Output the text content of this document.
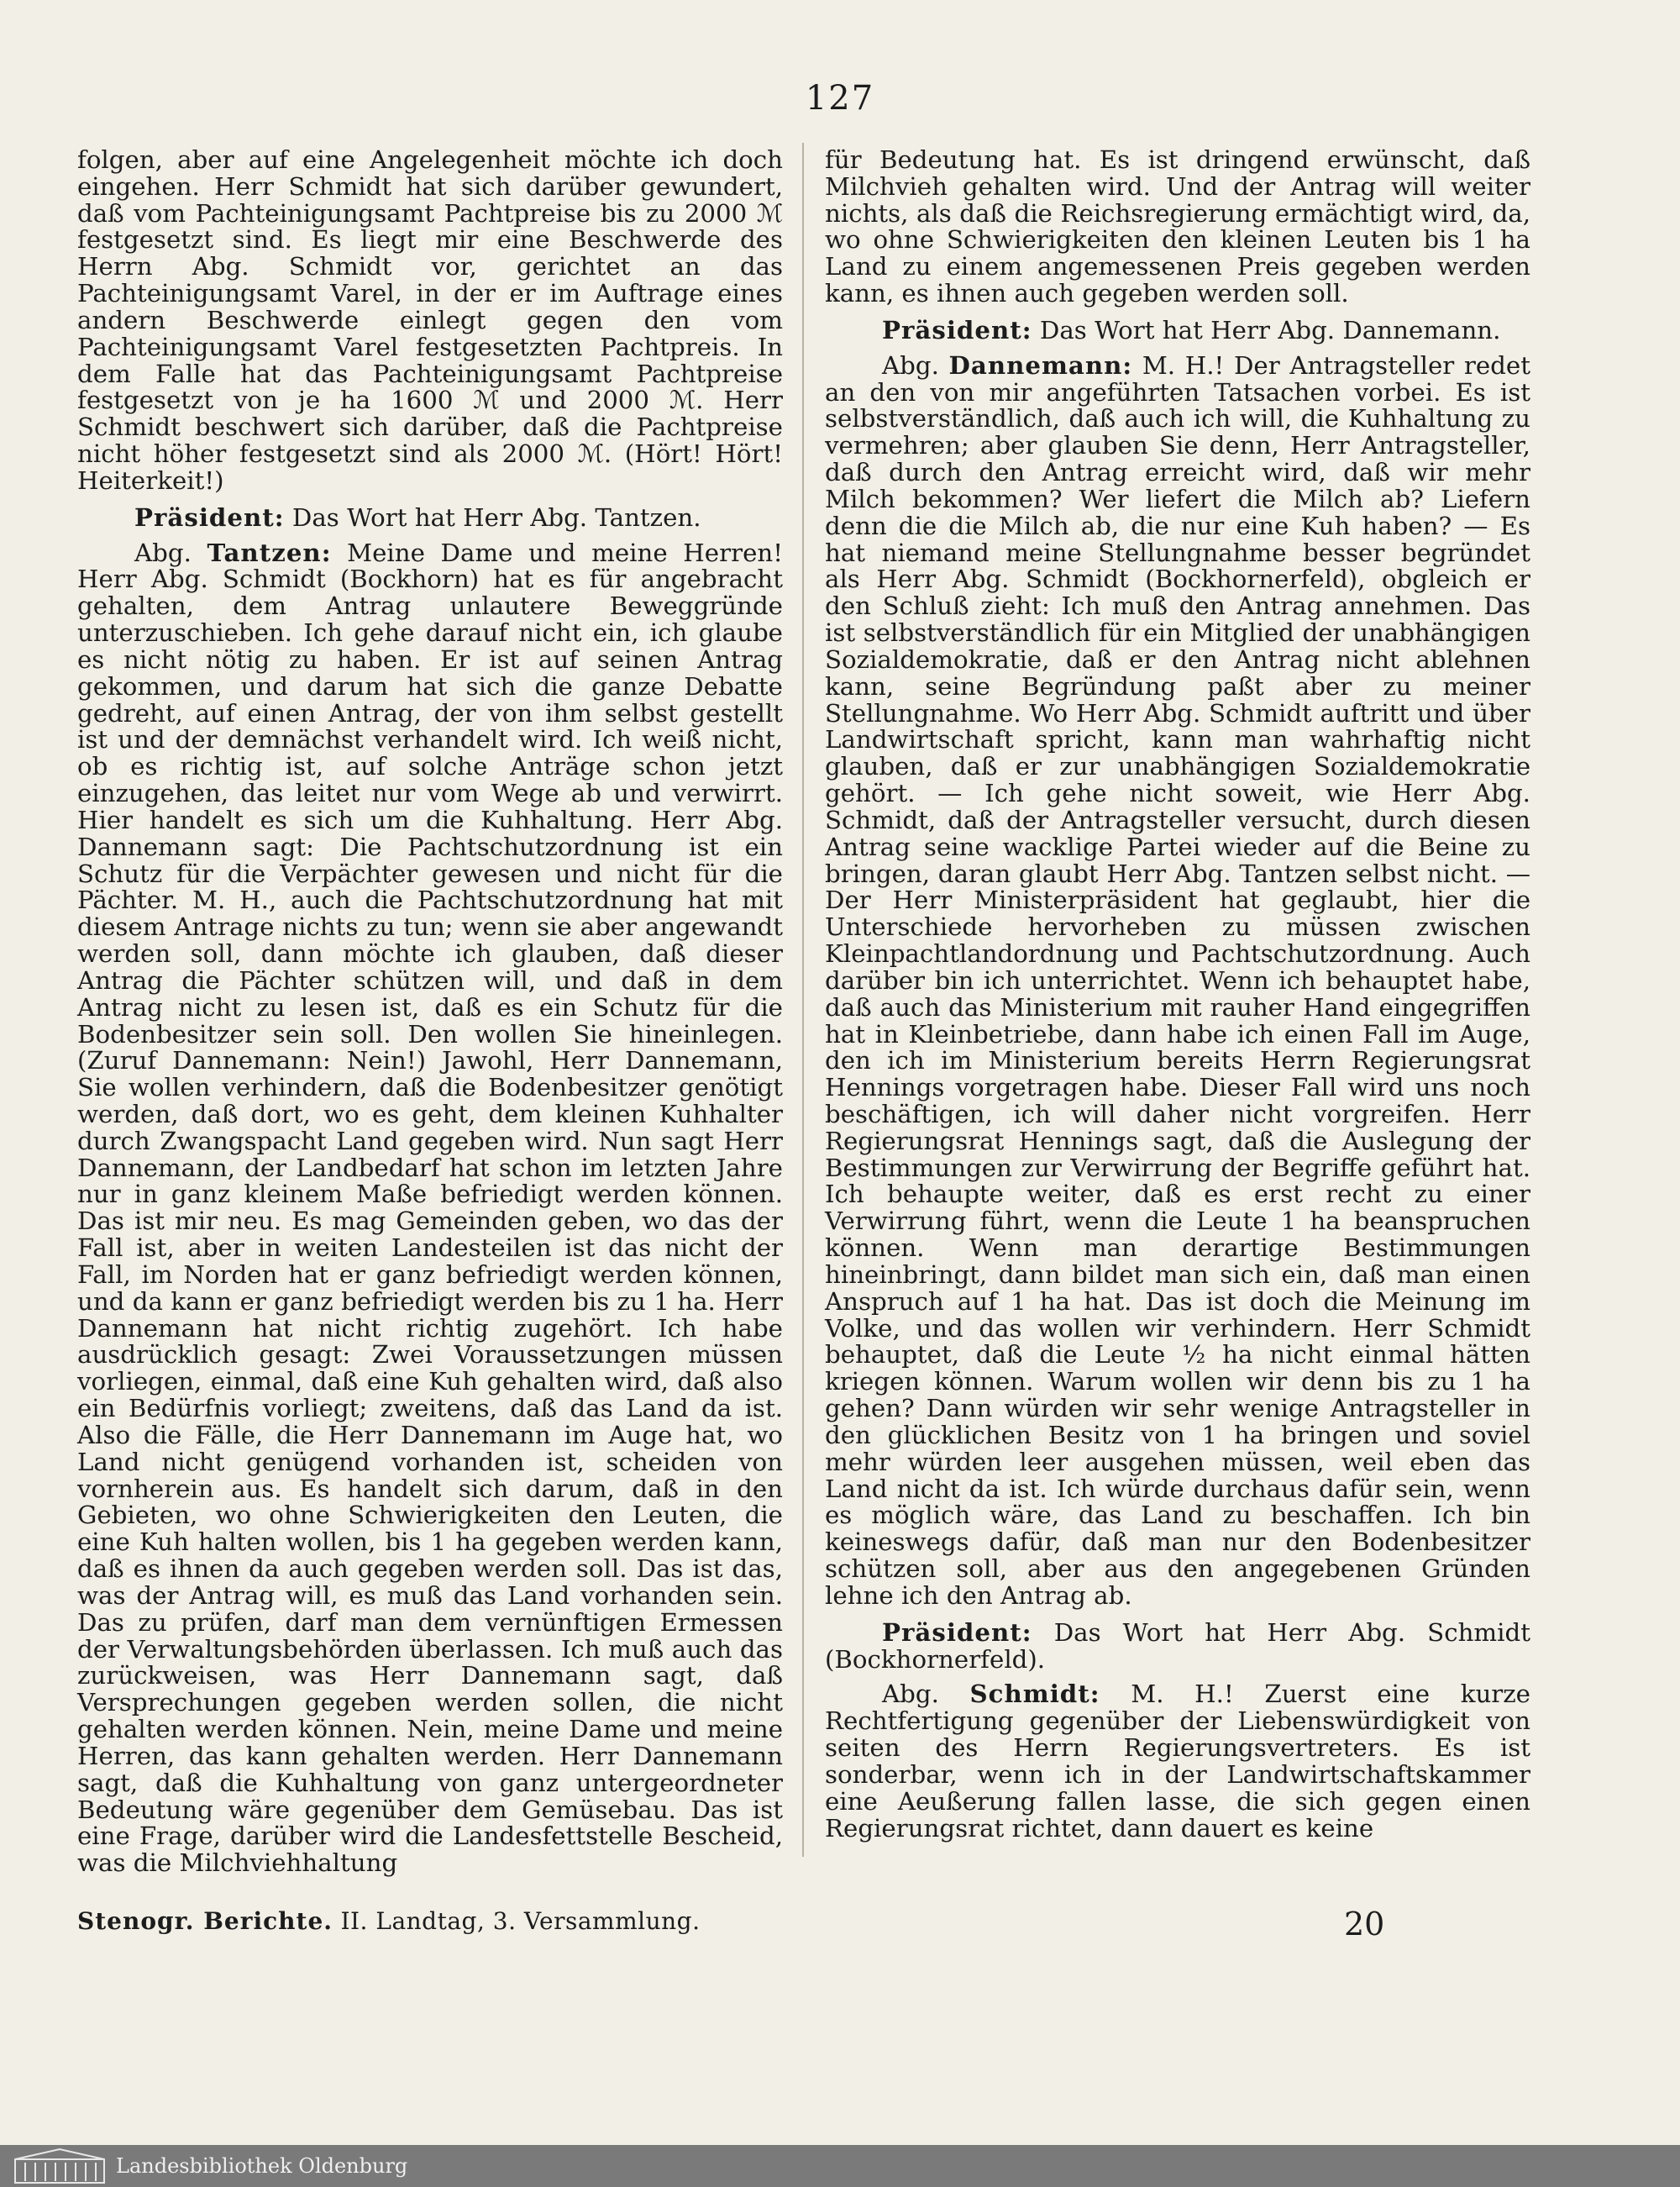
127

folgen, aber auf eine Angelegenheit möchte ich doch eingehen. Herr Schmidt hat sich darüber gewundert, daß vom Pachteinigungsamt Pachtpreise bis zu 2000 ℳ festgesetzt sind. Es liegt mir eine Beschwerde des Herrn Abg. Schmidt vor, gerichtet an das Pachteinigungsamt Varel, in der er im Auftrage eines andern Beschwerde einlegt gegen den vom Pachteinigungsamt Varel festgesetzten Pachtpreis. In dem Falle hat das Pachteinigungsamt Pachtpreise festgesetzt von je ha 1600 ℳ und 2000 ℳ. Herr Schmidt beschwert sich darüber, daß die Pachtpreise nicht höher festgesetzt sind als 2000 ℳ. (Hört! Hört! Heiterkeit!)

Präsident: Das Wort hat Herr Abg. Tantzen.

Abg. Tantzen: Meine Dame und meine Herren! Herr Abg. Schmidt (Bockhorn) hat es für angebracht gehalten, dem Antrag unlautere Beweggründe unterzuschieben. Ich gehe darauf nicht ein, ich glaube es nicht nötig zu haben. Er ist auf seinen Antrag gekommen, und darum hat sich die ganze Debatte gedreht, auf einen Antrag, der von ihm selbst gestellt ist und der demnächst verhandelt wird. Ich weiß nicht, ob es richtig ist, auf solche Anträge schon jetzt einzugehen, das leitet nur vom Wege ab und verwirrt. Hier handelt es sich um die Kuhhaltung. Herr Abg. Dannemann sagt: Die Pachtschutzordnung ist ein Schutz für die Verpächter gewesen und nicht für die Pächter. M. H., auch die Pachtschutzordnung hat mit diesem Antrage nichts zu tun; wenn sie aber angewandt werden soll, dann möchte ich glauben, daß dieser Antrag die Pächter schützen will, und daß in dem Antrag nicht zu lesen ist, daß es ein Schutz für die Bodenbesitzer sein soll. Den wollen Sie hineinlegen. (Zuruf Dannemann: Nein!) Jawohl, Herr Dannemann, Sie wollen verhindern, daß die Bodenbesitzer genötigt werden, daß dort, wo es geht, dem kleinen Kuhhalter durch Zwangspacht Land gegeben wird. Nun sagt Herr Dannemann, der Landbedarf hat schon im letzten Jahre nur in ganz kleinem Maße befriedigt werden können. Das ist mir neu. Es mag Gemeinden geben, wo das der Fall ist, aber in weiten Landesteilen ist das nicht der Fall, im Norden hat er ganz befriedigt werden können, und da kann er ganz befriedigt werden bis zu 1 ha. Herr Dannemann hat nicht richtig zugehört. Ich habe ausdrücklich gesagt: Zwei Voraussetzungen müssen vorliegen, einmal, daß eine Kuh gehalten wird, daß also ein Bedürfnis vorliegt; zweitens, daß das Land da ist. Also die Fälle, die Herr Dannemann im Auge hat, wo Land nicht genügend vorhanden ist, scheiden von vornherein aus. Es handelt sich darum, daß in den Gebieten, wo ohne Schwierigkeiten den Leuten, die eine Kuh halten wollen, bis 1 ha gegeben werden kann, daß es ihnen da auch gegeben werden soll. Das ist das, was der Antrag will, es muß das Land vorhanden sein. Das zu prüfen, darf man dem vernünftigen Ermessen der Verwaltungsbehörden überlassen. Ich muß auch das zurückweisen, was Herr Dannemann sagt, daß Versprechungen gegeben werden sollen, die nicht gehalten werden können. Nein, meine Dame und meine Herren, das kann gehalten werden. Herr Dannemann sagt, daß die Kuhhaltung von ganz untergeordneter Bedeutung wäre gegenüber dem Gemüsebau. Das ist eine Frage, darüber wird die Landesfettstelle Bescheid, was die Milchviehhaltung

für Bedeutung hat. Es ist dringend erwünscht, daß Milchvieh gehalten wird. Und der Antrag will weiter nichts, als daß die Reichsregierung ermächtigt wird, da, wo ohne Schwierigkeiten den kleinen Leuten bis 1 ha Land zu einem angemessenen Preis gegeben werden kann, es ihnen auch gegeben werden soll.

Präsident: Das Wort hat Herr Abg. Dannemann.

Abg. Dannemann: M. H.! Der Antragsteller redet an den von mir angeführten Tatsachen vorbei. Es ist selbstverständlich, daß auch ich will, die Kuhhaltung zu vermehren; aber glauben Sie denn, Herr Antragsteller, daß durch den Antrag erreicht wird, daß wir mehr Milch bekommen? Wer liefert die Milch ab? Liefern denn die die Milch ab, die nur eine Kuh haben? — Es hat niemand meine Stellungnahme besser begründet als Herr Abg. Schmidt (Bockhornerfeld), obgleich er den Schluß zieht: Ich muß den Antrag annehmen. Das ist selbstverständlich für ein Mitglied der unabhängigen Sozialdemokratie, daß er den Antrag nicht ablehnen kann, seine Begründung paßt aber zu meiner Stellungnahme. Wo Herr Abg. Schmidt auftritt und über Landwirtschaft spricht, kann man wahrhaftig nicht glauben, daß er zur unabhängigen Sozialdemokratie gehört. — Ich gehe nicht soweit, wie Herr Abg. Schmidt, daß der Antragsteller versucht, durch diesen Antrag seine wacklige Partei wieder auf die Beine zu bringen, daran glaubt Herr Abg. Tantzen selbst nicht. — Der Herr Ministerpräsident hat geglaubt, hier die Unterschiede hervorheben zu müssen zwischen Kleinpachtlandordnung und Pachtschutzordnung. Auch darüber bin ich unterrichtet. Wenn ich behauptet habe, daß auch das Ministerium mit rauher Hand eingegriffen hat in Kleinbetriebe, dann habe ich einen Fall im Auge, den ich im Ministerium bereits Herrn Regierungsrat Hennings vorgetragen habe. Dieser Fall wird uns noch beschäftigen, ich will daher nicht vorgreifen. Herr Regierungsrat Hennings sagt, daß die Auslegung der Bestimmungen zur Verwirrung der Begriffe geführt hat. Ich behaupte weiter, daß es erst recht zu einer Verwirrung führt, wenn die Leute 1 ha beanspruchen können. Wenn man derartige Bestimmungen hineinbringt, dann bildet man sich ein, daß man einen Anspruch auf 1 ha hat. Das ist doch die Meinung im Volke, und das wollen wir verhindern. Herr Schmidt behauptet, daß die Leute ½ ha nicht einmal hätten kriegen können. Warum wollen wir denn bis zu 1 ha gehen? Dann würden wir sehr wenige Antragsteller in den glücklichen Besitz von 1 ha bringen und soviel mehr würden leer ausgehen müssen, weil eben das Land nicht da ist. Ich würde durchaus dafür sein, wenn es möglich wäre, das Land zu beschaffen. Ich bin keineswegs dafür, daß man nur den Bodenbesitzer schützen soll, aber aus den angegebenen Gründen lehne ich den Antrag ab.

Präsident: Das Wort hat Herr Abg. Schmidt (Bockhornerfeld).

Abg. Schmidt: M. H.! Zuerst eine kurze Rechtfertigung gegenüber der Liebenswürdigkeit von seiten des Herrn Regierungsvertreters. Es ist sonderbar, wenn ich in der Landwirtschaftskammer eine Aeußerung fallen lasse, die sich gegen einen Regierungsrat richtet, dann dauert es keine

Stenogr. Berichte. II. Landtag, 3. Versammlung.	20
Landesbibliothek Oldenburg
